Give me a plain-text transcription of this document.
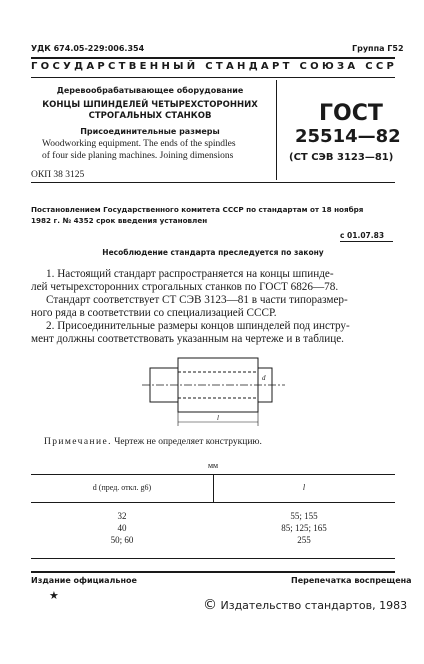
УДК 674.05-229:006.354	Группа Г52
ГОСУДАРСТВЕННЫЙ СТАНДАРТ СОЮЗА ССР
Деревообрабатывающее оборудование
КОНЦЫ ШПИНДЕЛЕЙ ЧЕТЫРЕХСТОРОННИХ
СТРОГАЛЬНЫХ СТАНКОВ
Присоединительные размеры
Woodworking equipment. The ends of the spindles
of four side planing machines. Joining dimensions
ОКП 38 3125
ГОСТ
25514—82
(СТ СЭВ 3123—81)
Постановлением Государственного комитета СССР по стандартам от 18 ноября
1982 г. № 4352 срок введения установлен
с 01.07.83
Несоблюдение стандарта преследуется по закону
1. Настоящий стандарт распространяется на концы шпинде-
лей четырехсторонних строгальных станков по ГОСТ 6826—78.
Стандарт соответствует СТ СЭВ 3123—81 в части типоразмер-
ного ряда в соответствии со специализацией СССР.
2. Присоединительные размеры концов шпинделей под инстру-
мент должны соответствовать указанным на чертеже и в таблице.
l
d
Примечание. Чертеж не определяет конструкцию.
мм
d (пред. откл. g6)	l
32	55; 155
40	85; 125; 165
50; 60	255
Издание официальное	Перепечатка воспрещена
★
© Издательство стандартов, 1983
